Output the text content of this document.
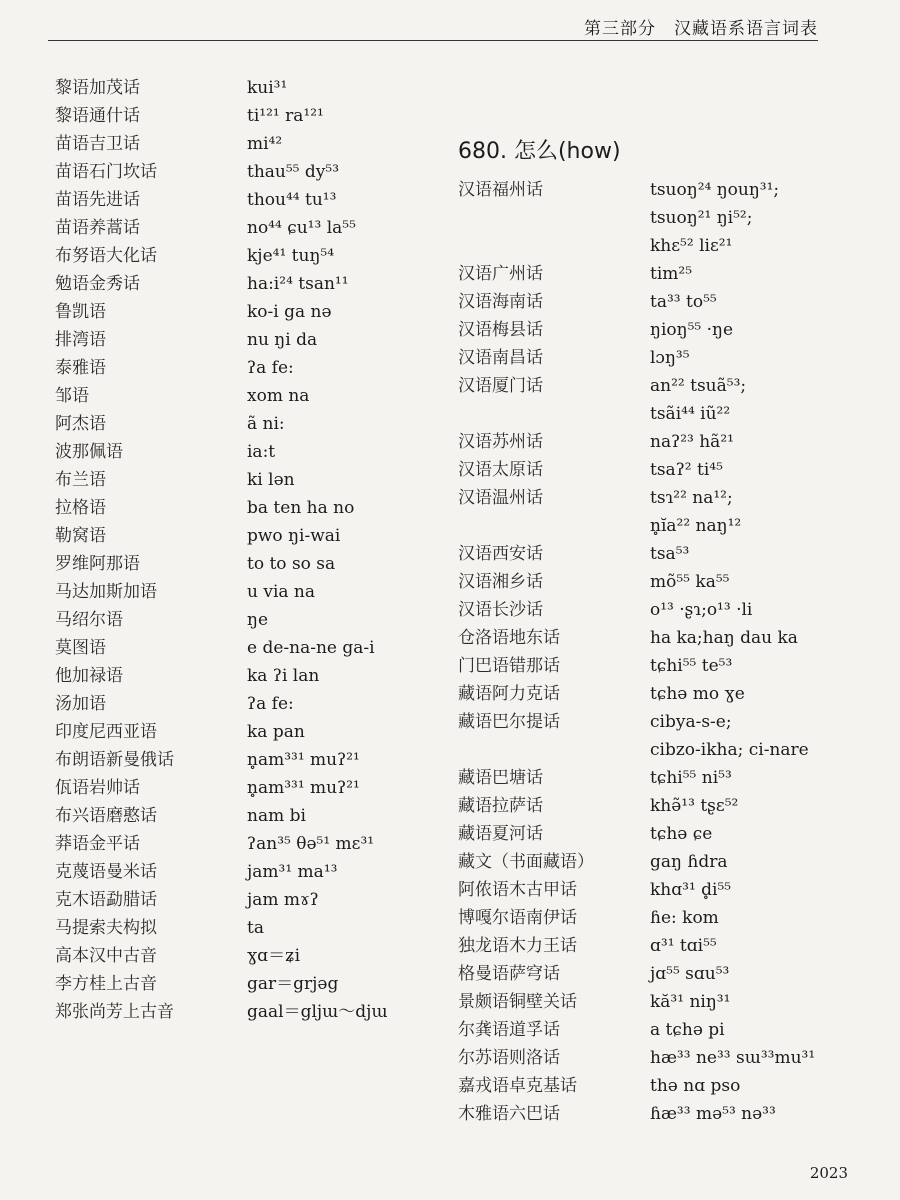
第三部分　汉藏语系语言词表
黎语加茂话	kui³¹
黎语通什话	ti¹²¹ ra¹²¹
苗语吉卫话	mi⁴²
苗语石门坎话	thau⁵⁵ dy⁵³
苗语先进话	thou⁴⁴ tu¹³
苗语养蒿话	no⁴⁴ ɕu¹³ la⁵⁵
布努语大化话	kje⁴¹ tuŋ⁵⁴
勉语金秀话	ha:i²⁴ tsan¹¹
鲁凯语	ko-i ga nə
排湾语	nu ŋi da
泰雅语	ʔa fe:
邹语	xom na
阿杰语	ã ni:
波那佩语	ia:t
布兰语	ki lən
拉格语	ba ten ha no
勒窝语	pwo ŋi-wai
罗维阿那语	to to so sa
马达加斯加语	u via na
马绍尔语	ŋe
莫图语	e de-na-ne ga-i
他加禄语	ka ʔi lan
汤加语	ʔa fe:
印度尼西亚语	ka pan
布朗语新曼俄话	n̥am³³¹ muʔ²¹
佤语岩帅话	n̥am³³¹ muʔ²¹
布兴语磨憨话	nam bi
莽语金平话	ʔan³⁵ θə⁵¹ mɛ³¹
克蔑语曼米话	jam³¹ ma¹³
克木语勐腊话	jam mɤʔ
马提索夫构拟	ta
高本汉中古音	ɣɑ＝ʑi
李方桂上古音	gar＝grjəg
郑张尚芳上古音	gaal＝gljɯ～djɯ
680. 怎么(how)
汉语福州话	tsuoŋ²⁴ ŋouŋ³¹;
tsuoŋ²¹ ŋi⁵²;
khɛ⁵² liɛ²¹
汉语广州话	tim²⁵
汉语海南话	ta³³ to⁵⁵
汉语梅县话	ŋioŋ⁵⁵ ·ŋe
汉语南昌话	lɔŋ³⁵
汉语厦门话	an²² tsuã⁵³;
tsãi⁴⁴ iũ²²
汉语苏州话	naʔ²³ hã²¹
汉语太原话	tsaʔ² ti⁴⁵
汉语温州话	tsɿ²² na¹²;
n̥ĭa²² naŋ¹²
汉语西安话	tsa⁵³
汉语湘乡话	mõ⁵⁵ ka⁵⁵
汉语长沙话	o¹³ ·ʂɿ;o¹³ ·li
仓洛语地东话	ha ka;haŋ dau ka
门巴语错那话	tɕhi⁵⁵ te⁵³
藏语阿力克话	tɕhə mo ɣe
藏语巴尔提话	cibya-s-e;
cibzo-ikha; ci-nare
藏语巴塘话	tɕhi⁵⁵ ni⁵³
藏语拉萨话	khə̃¹³ tʂɛ⁵²
藏语夏河话	tɕhə ɕe
藏文（书面藏语）	gaŋ ɦdra
阿侬语木古甲话	khɑ³¹ d̥i⁵⁵
博嘎尔语南伊话	ɦe: kom
独龙语木力王话	ɑ³¹ tɑi⁵⁵
格曼语萨穹话	jɑ⁵⁵ sɑu⁵³
景颇语铜壁关话	kă³¹ niŋ³¹
尔龚语道孚话	a tɕhə pi
尔苏语则洛话	hæ³³ ne³³ sɯ³³mu³¹
嘉戎语卓克基话	thə nɑ pso
木雅语六巴话	ɦæ³³ mə⁵³ nə³³
2023
